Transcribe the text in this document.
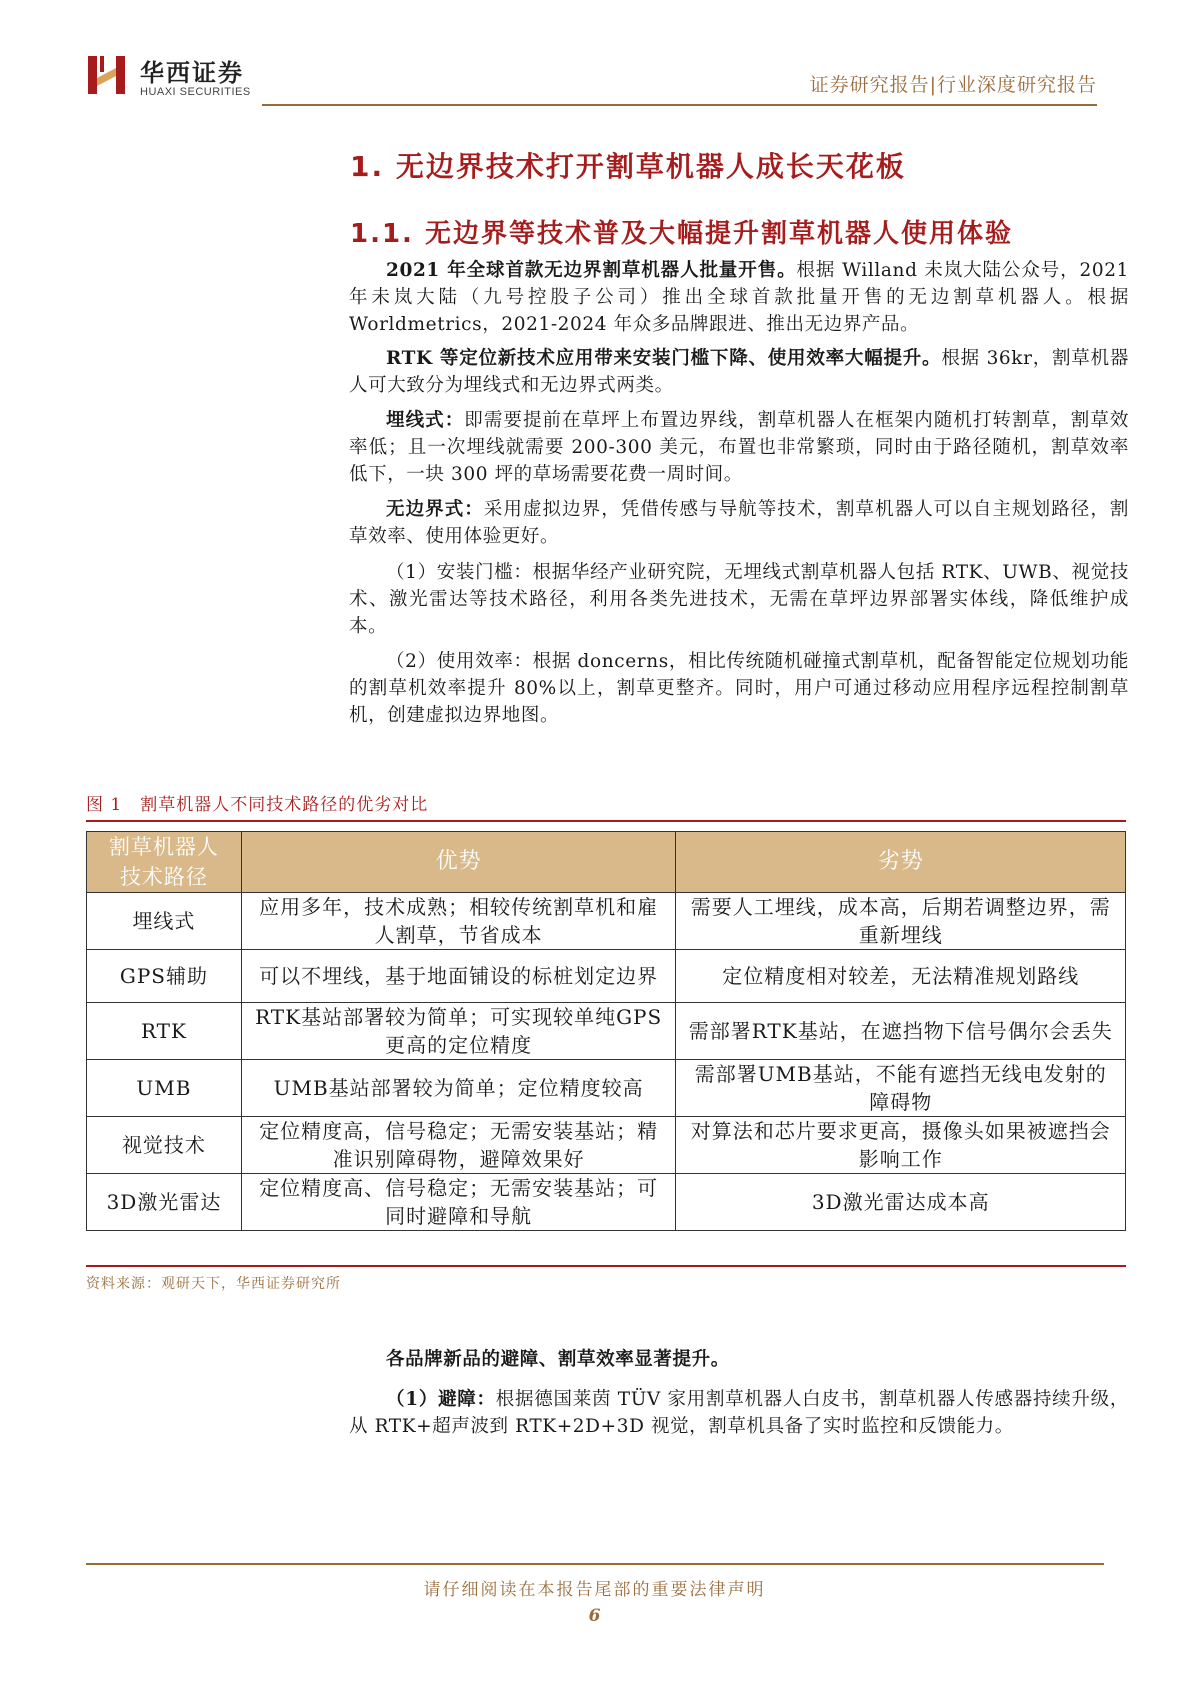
华西证券
HUAXI SECURITIES	证券研究报告|行业深度研究报告
1. 无边界技术打开割草机器人成长天花板
1.1. 无边界等技术普及大幅提升割草机器人使用体验
2021 年全球首款无边界割草机器人批量开售。根据 Willand 未岚大陆公众号，2021 年未岚大陆（九号控股子公司）推出全球首款批量开售的无边割草机器人。根据 Worldmetrics，2021-2024 年众多品牌跟进、推出无边界产品。
RTK 等定位新技术应用带来安装门槛下降、使用效率大幅提升。根据 36kr，割草机器人可大致分为埋线式和无边界式两类。
埋线式：即需要提前在草坪上布置边界线，割草机器人在框架内随机打转割草，割草效率低；且一次埋线就需要 200-300 美元，布置也非常繁琐，同时由于路径随机，割草效率低下，一块 300 坪的草场需要花费一周时间。
无边界式：采用虚拟边界，凭借传感与导航等技术，割草机器人可以自主规划路径，割草效率、使用体验更好。
（1）安装门槛：根据华经产业研究院，无埋线式割草机器人包括 RTK、UWB、视觉技术、激光雷达等技术路径，利用各类先进技术，无需在草坪边界部署实体线，降低维护成本。
（2）使用效率：根据 doncerns，相比传统随机碰撞式割草机，配备智能定位规划功能的割草机效率提升 80%以上，割草更整齐。同时，用户可通过移动应用程序远程控制割草机，创建虚拟边界地图。
图 1　割草机器人不同技术路径的优劣对比
割草机器人技术路径	优势	劣势
埋线式	应用多年，技术成熟；相较传统割草机和雇人割草，节省成本	需要人工埋线，成本高，后期若调整边界，需重新埋线
GPS辅助	可以不埋线，基于地面铺设的标桩划定边界	定位精度相对较差，无法精准规划路线
RTK	RTK基站部署较为简单；可实现较单纯GPS更高的定位精度	需部署RTK基站，在遮挡物下信号偶尔会丢失
UMB	UMB基站部署较为简单；定位精度较高	需部署UMB基站，不能有遮挡无线电发射的障碍物
视觉技术	定位精度高，信号稳定；无需安装基站；精准识别障碍物，避障效果好	对算法和芯片要求更高，摄像头如果被遮挡会影响工作
3D激光雷达	定位精度高、信号稳定；无需安装基站；可同时避障和导航	3D激光雷达成本高
资料来源：观研天下，华西证券研究所
各品牌新品的避障、割草效率显著提升。
（1）避障：根据德国莱茵 TÜV 家用割草机器人白皮书，割草机器人传感器持续升级，从 RTK+超声波到 RTK+2D+3D 视觉，割草机具备了实时监控和反馈能力。
请仔细阅读在本报告尾部的重要法律声明
6
